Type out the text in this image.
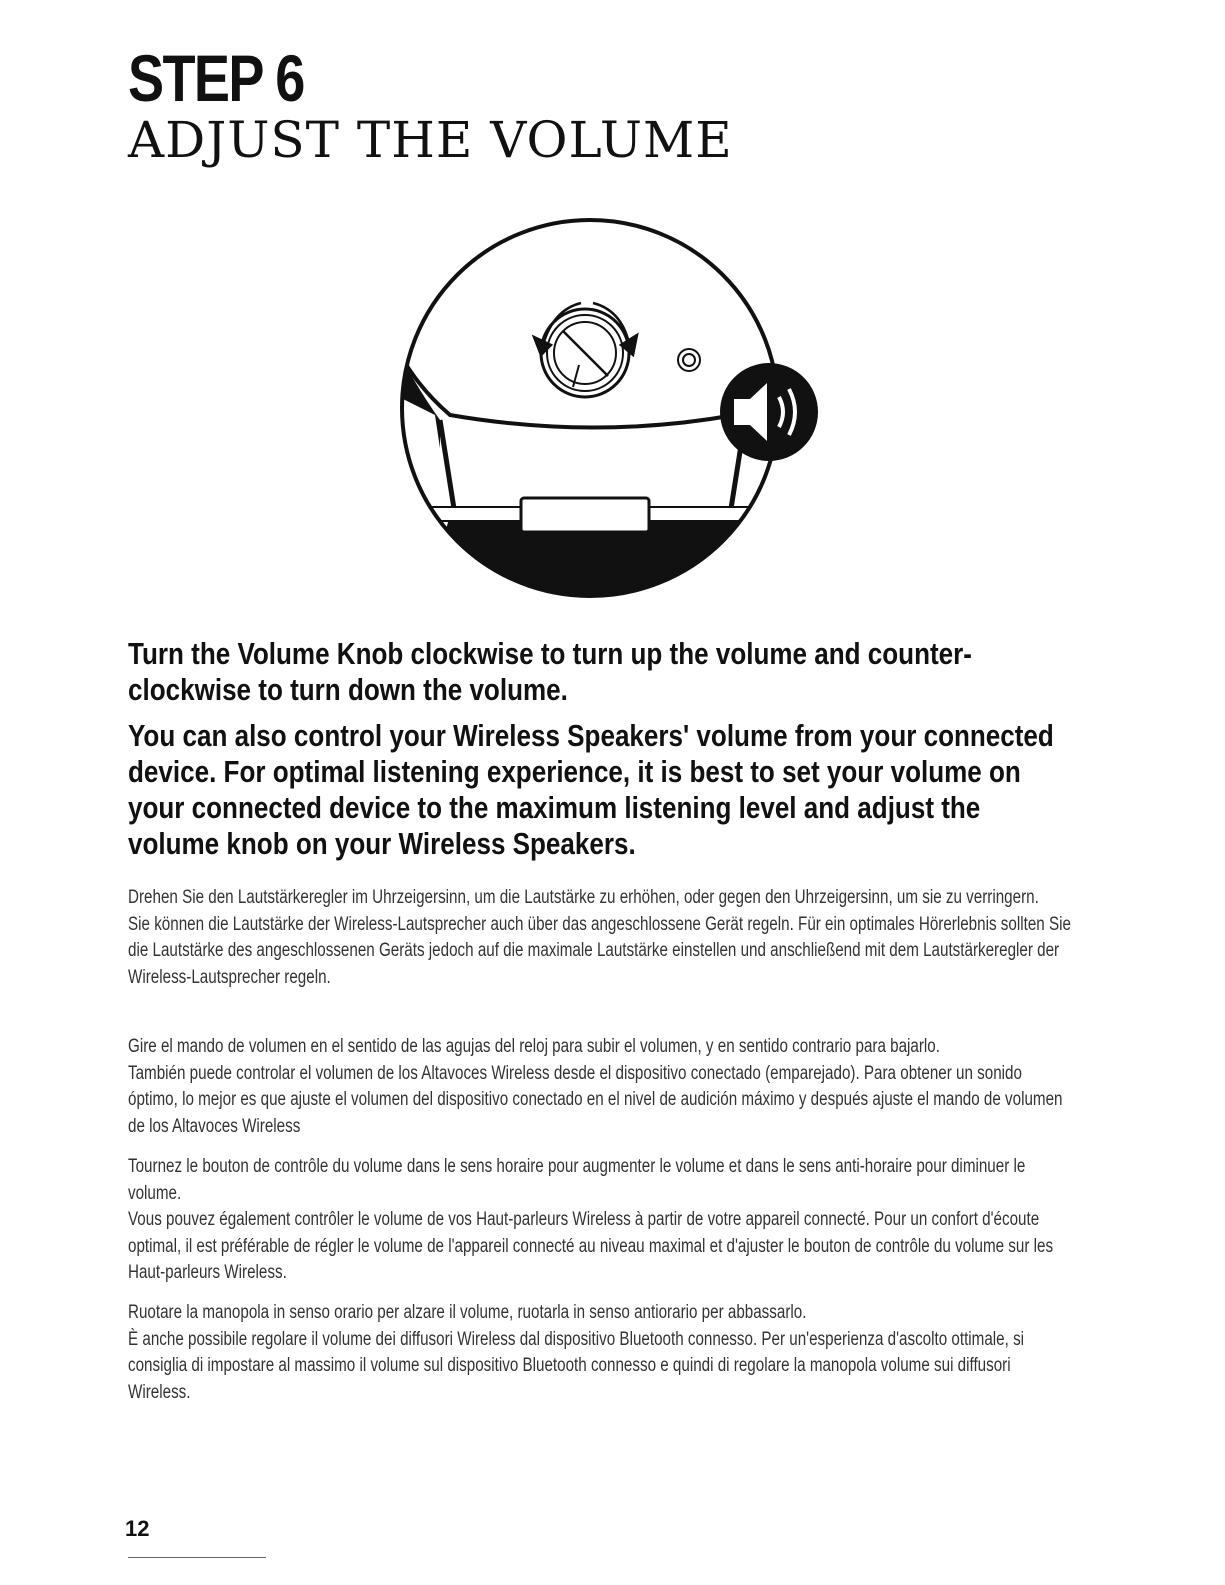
STEP 6
ADJUST THE VOLUME

Turn the Volume Knob clockwise to turn up the volume and counter-clockwise to turn down the volume.

You can also control your Wireless Speakers' volume from your connected device. For optimal listening experience, it is best to set your volume on your connected device to the maximum listening level and adjust the volume knob on your Wireless Speakers.

Drehen Sie den Lautstärkeregler im Uhrzeigersinn, um die Lautstärke zu erhöhen, oder gegen den Uhrzeigersinn, um sie zu verringern.
Sie können die Lautstärke der Wireless-Lautsprecher auch über das angeschlossene Gerät regeln. Für ein optimales Hörerlebnis sollten Sie die Lautstärke des angeschlossenen Geräts jedoch auf die maximale Lautstärke einstellen und anschließend mit dem Lautstärkeregler der Wireless-Lautsprecher regeln.

Gire el mando de volumen en el sentido de las agujas del reloj para subir el volumen, y en sentido contrario para bajarlo.
También puede controlar el volumen de los Altavoces Wireless desde el dispositivo conectado (emparejado). Para obtener un sonido óptimo, lo mejor es que ajuste el volumen del dispositivo conectado en el nivel de audición máximo y después ajuste el mando de volumen de los Altavoces Wireless

Tournez le bouton de contrôle du volume dans le sens horaire pour augmenter le volume et dans le sens anti-horaire pour diminuer le volume.
Vous pouvez également contrôler le volume de vos Haut-parleurs Wireless à partir de votre appareil connecté. Pour un confort d'écoute optimal, il est préférable de régler le volume de l'appareil connecté au niveau maximal et d'ajuster le bouton de contrôle du volume sur les Haut-parleurs Wireless.

Ruotare la manopola in senso orario per alzare il volume, ruotarla in senso antiorario per abbassarlo.
È anche possibile regolare il volume dei diffusori Wireless dal dispositivo Bluetooth connesso. Per un'esperienza d'ascolto ottimale, si consiglia di impostare al massimo il volume sul dispositivo Bluetooth connesso e quindi di regolare la manopola volume sui diffusori Wireless.

12
